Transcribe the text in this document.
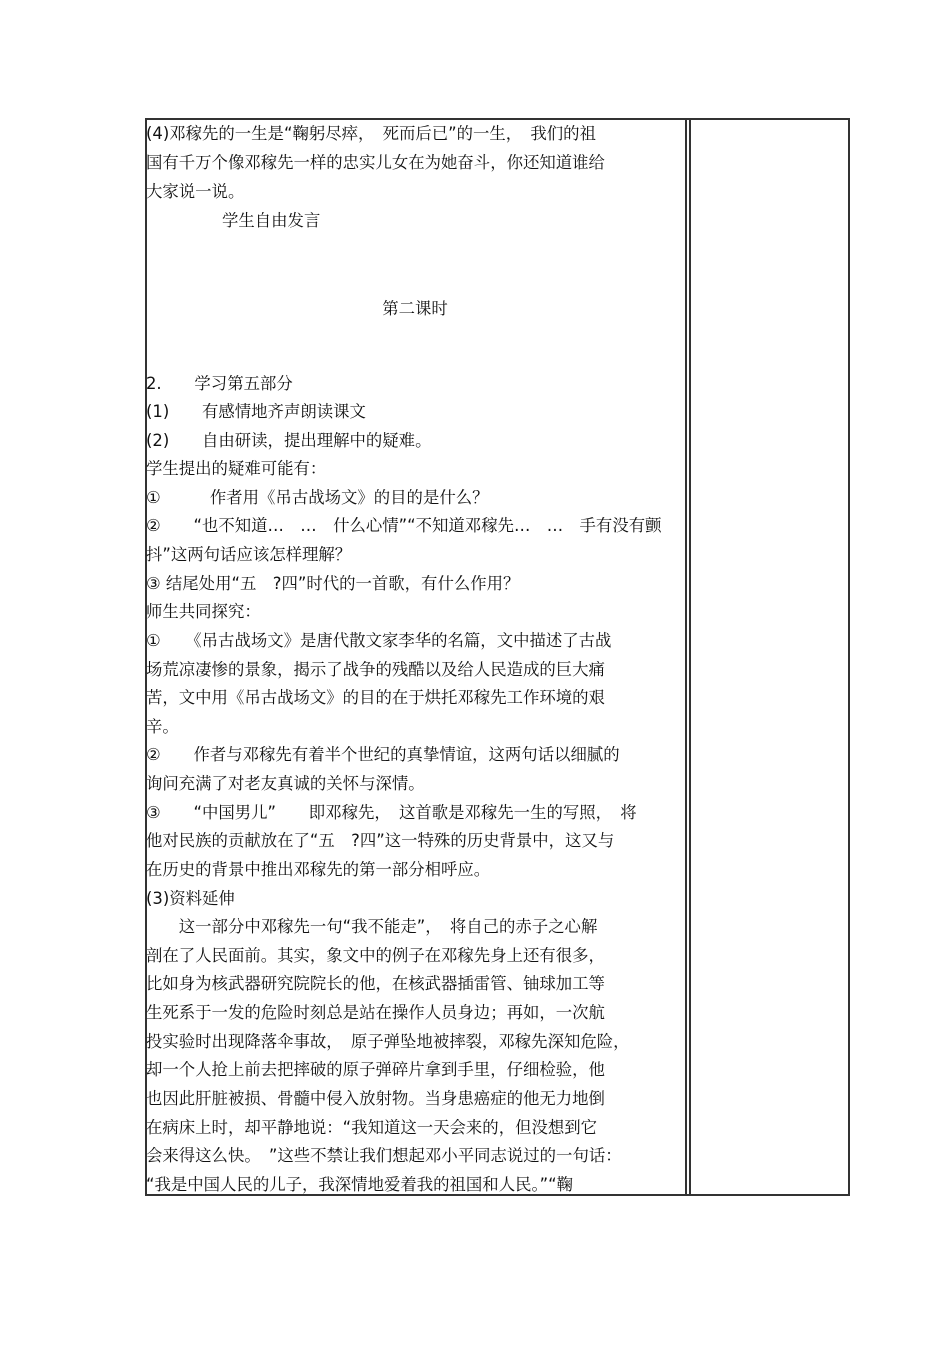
(4)邓稼先的一生是“鞠躬尽瘁，　死而后已”的一生，　我们的祖
国有千万个像邓稼先一样的忠实儿女在为她奋斗，你还知道谁给
大家说一说。
学生自由发言
第二课时
2.　　学习第五部分
(1)　　有感情地齐声朗读课文
(2)　　自由研读，提出理解中的疑难。
学生提出的疑难可能有：
①　　　作者用《吊古战场文》的目的是什么？
②　　“也不知道…　…　什么心情”“不知道邓稼先…　…　手有没有颤
抖”这两句话应该怎样理解？
③ 结尾处用“五　?四”时代的一首歌，有什么作用？
师生共同探究：
①　　《吊古战场文》是唐代散文家李华的名篇，文中描述了古战
场荒凉凄惨的景象，揭示了战争的残酷以及给人民造成的巨大痛
苦，文中用《吊古战场文》的目的在于烘托邓稼先工作环境的艰
辛。
②　　作者与邓稼先有着半个世纪的真挚情谊，这两句话以细腻的
询问充满了对老友真诚的关怀与深情。
③　　“中国男儿”　　即邓稼先，　这首歌是邓稼先一生的写照，　将
他对民族的贡献放在了“五　?四”这一特殊的历史背景中，这又与
在历史的背景中推出邓稼先的第一部分相呼应。
(3)资料延伸
　　这一部分中邓稼先一句“我不能走”，　将自己的赤子之心解
剖在了人民面前。其实，象文中的例子在邓稼先身上还有很多，
比如身为核武器研究院院长的他，在核武器插雷管、铀球加工等
生死系于一发的危险时刻总是站在操作人员身边；再如，一次航
投实验时出现降落伞事故，　原子弹坠地被摔裂，邓稼先深知危险，
却一个人抢上前去把摔破的原子弹碎片拿到手里，仔细检验，他
也因此肝脏被损、骨髓中侵入放射物。当身患癌症的他无力地倒
在病床上时，却平静地说：“我知道这一天会来的，但没想到它
会来得这么快。　”这些不禁让我们想起邓小平同志说过的一句话：
“我是中国人民的儿子，我深情地爱着我的祖国和人民。”“鞠
